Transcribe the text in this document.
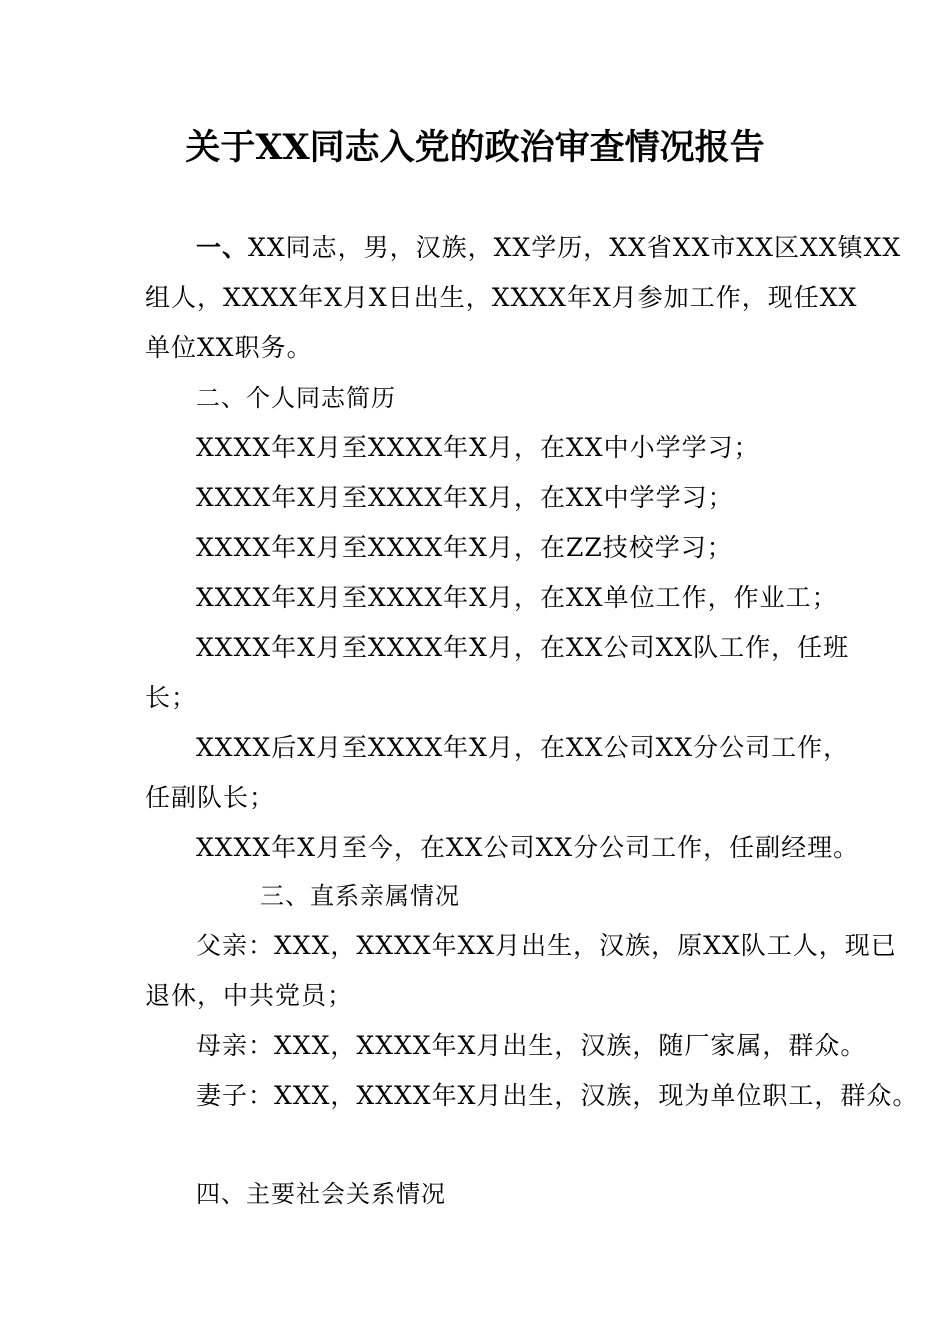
关于XX同志入党的政治审查情况报告
一、XX同志，男，汉族，XX学历，XX省XX市XX区XX镇XX
组人，XXXX年X月X日出生，XXXX年X月参加工作，现任XX
单位XX职务。
二、个人同志简历
XXXX年X月至XXXX年X月，在XX中小学学习；
XXXX年X月至XXXX年X月，在XX中学学习；
XXXX年X月至XXXX年X月，在ZZ技校学习；
XXXX年X月至XXXX年X月，在XX单位工作，作业工；
XXXX年X月至XXXX年X月，在XX公司XX队工作，任班
长；
XXXX后X月至XXXX年X月，在XX公司XX分公司工作，
任副队长；
XXXX年X月至今，在XX公司XX分公司工作，任副经理。
三、直系亲属情况
父亲：XXX，XXXX年XX月出生，汉族，原XX队工人，现已
退休，中共党员；
母亲：XXX，XXXX年X月出生，汉族，随厂家属，群众。
妻子：XXX，XXXX年X月出生，汉族，现为单位职工，群众。
四、主要社会关系情况
